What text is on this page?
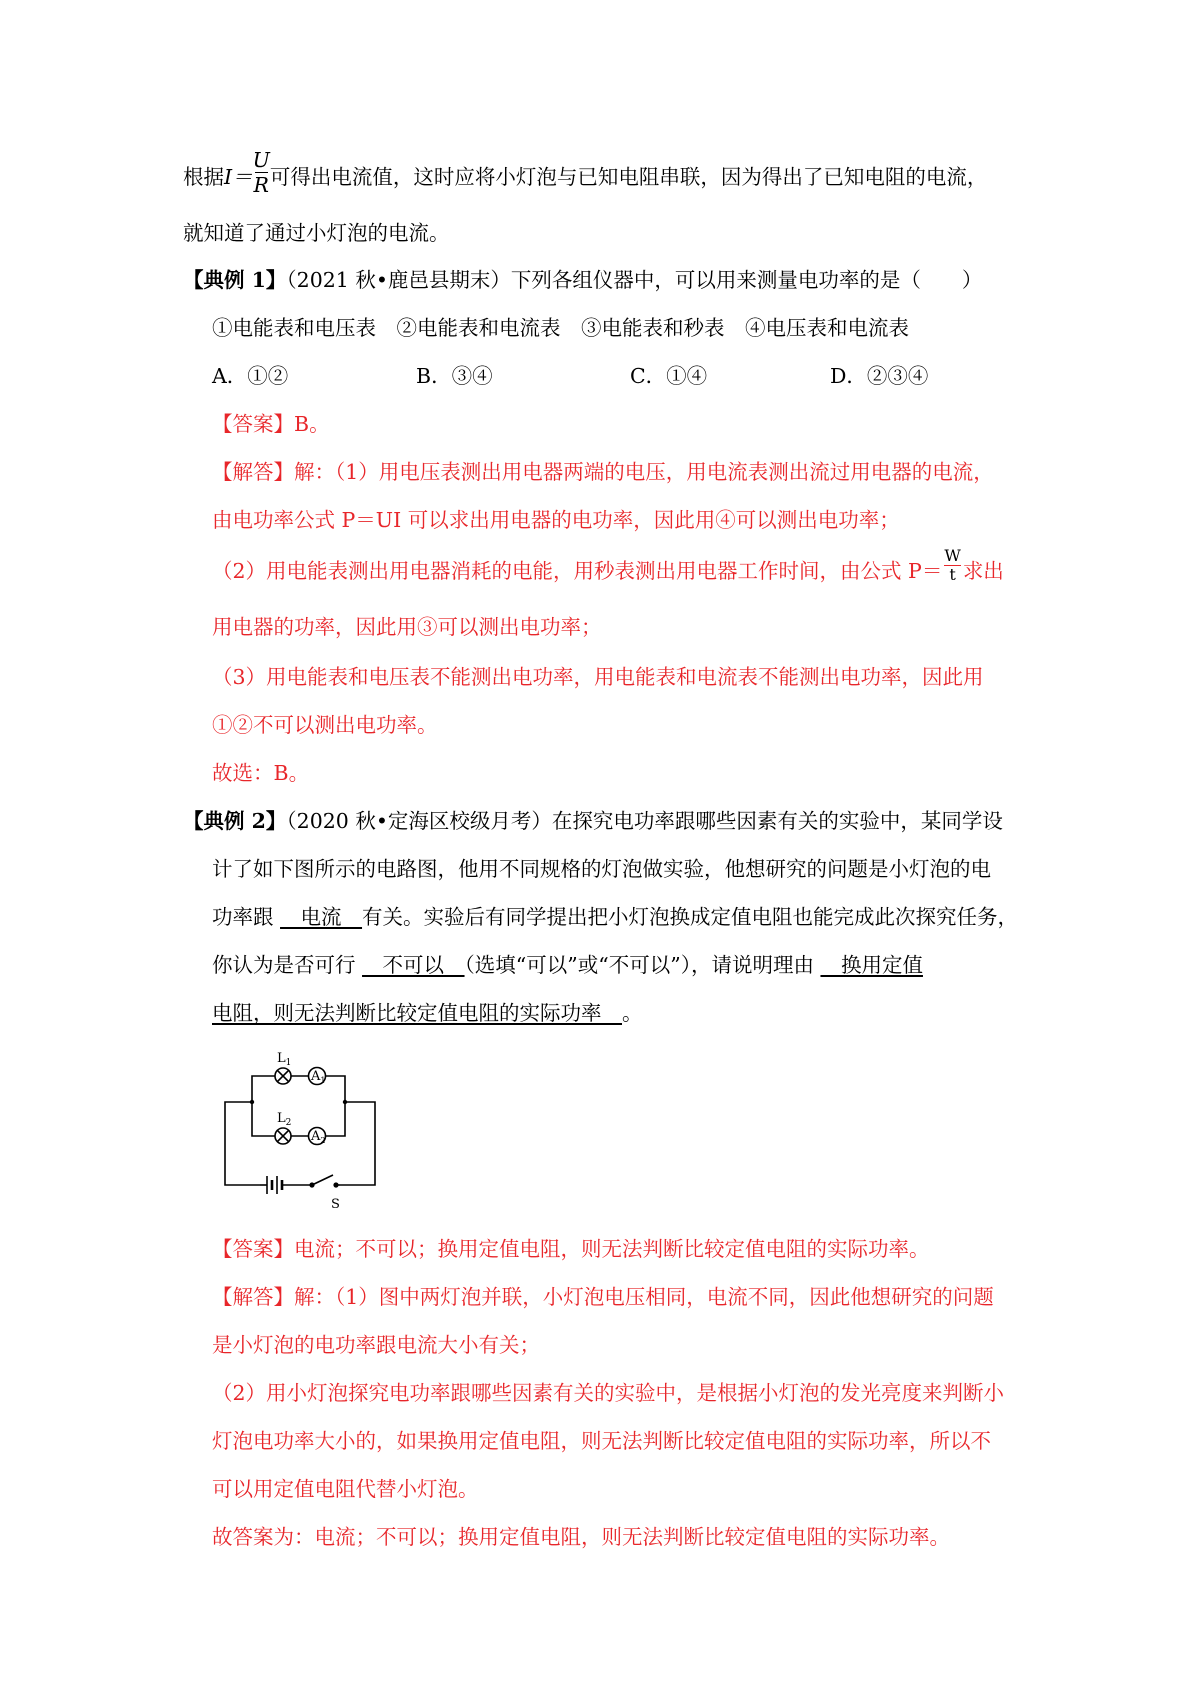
根据$I= \frac{U}{R}$ 可得出电流值，这时应将小灯泡与已知电阻串联，因为得出了已知电阻的电流，
就知道了通过小灯泡的电流。
【典例 1】（2021 秋•鹿邑县期末）下列各组仪器中，可以用来测量电功率的是（　　）
①电能表和电压表　②电能表和电流表　③电能表和秒表　④电压表和电流表
A．①②	B．③④	C．①④	D．②③④
【答案】B。
【解答】解：（1）用电压表测出用电器两端的电压，用电流表测出流过用电器的电流，
由电功率公式 P＝UI 可以求出用电器的电功率，因此用④可以测出电功率；
（2）用电能表测出用电器消耗的电能，用秒表测出用电器工作时间，由公式 $P= \frac{W}{t}$ 求出
用电器的功率，因此用③可以测出电功率；
（3）用电能表和电压表不能测出电功率，用电能表和电流表不能测出电功率，因此用
①②不可以测出电功率。
故选：B。
【典例 2】（2020 秋•定海区校级月考）在探究电功率跟哪些因素有关的实验中，某同学设
计了如下图所示的电路图，他用不同规格的灯泡做实验，他想研究的问题是小灯泡的电
功率跟 　电流　有关。实验后有同学提出把小灯泡换成定值电阻也能完成此次探究任务，
你认为是否可行 　不可以　（选填“可以”或“不可以”），请说明理由 　换用定值
电阻，则无法判断比较定值电阻的实际功率　。
$L_1$
$L_2$
$A_1$
$A_2$
S
【答案】电流；不可以；换用定值电阻，则无法判断比较定值电阻的实际功率。
【解答】解：（1）图中两灯泡并联，小灯泡电压相同，电流不同，因此他想研究的问题
是小灯泡的电功率跟电流大小有关；
（2）用小灯泡探究电功率跟哪些因素有关的实验中，是根据小灯泡的发光亮度来判断小
灯泡电功率大小的，如果换用定值电阻，则无法判断比较定值电阻的实际功率，所以不
可以用定值电阻代替小灯泡。
故答案为：电流；不可以；换用定值电阻，则无法判断比较定值电阻的实际功率。
